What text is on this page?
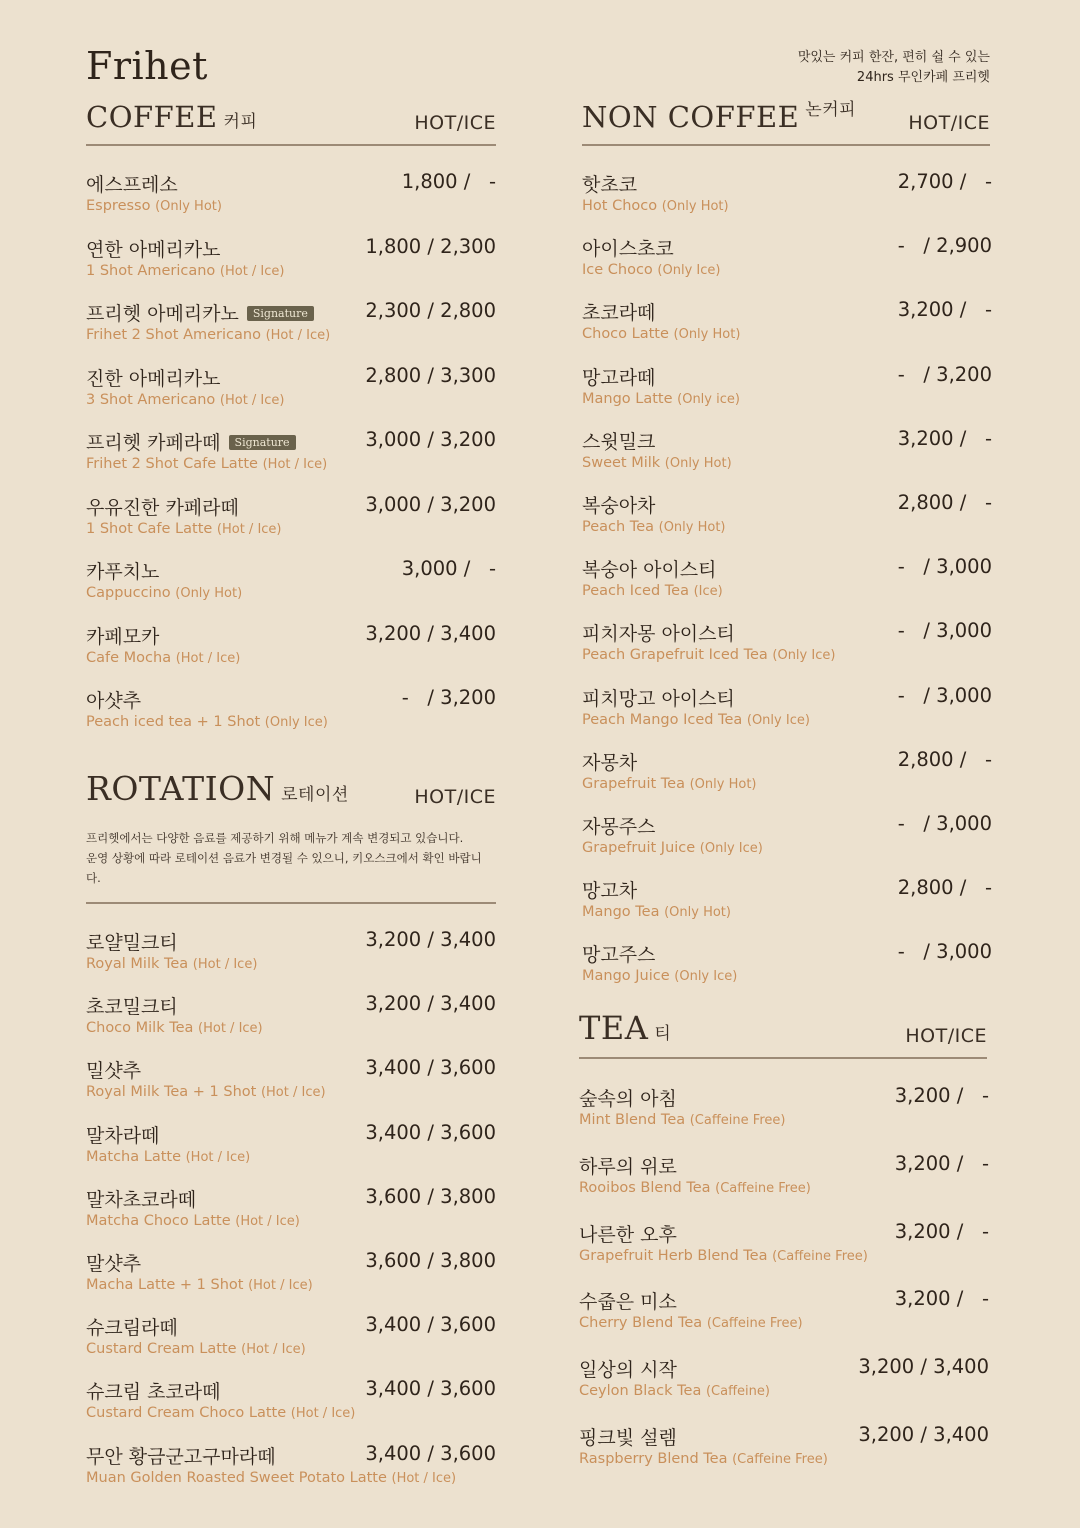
Frihet	맛있는 커피 한잔, 편히 쉴 수 있는
24hrs 무인카페 프리헷
COFFEE 커피	HOT/ICE
에스프레소
Espresso (Only Hot)
1,800 /   -
연한 아메리카노
1 Shot Americano (Hot / Ice)
1,800 / 2,300
프리헷 아메리카노 Signature
Frihet 2 Shot Americano (Hot / Ice)
2,300 / 2,800
진한 아메리카노
3 Shot Americano (Hot / Ice)
2,800 / 3,300
프리헷 카페라떼 Signature
Frihet 2 Shot Cafe Latte (Hot / Ice)
3,000 / 3,200
우유진한 카페라떼
1 Shot Cafe Latte (Hot / Ice)
3,000 / 3,200
카푸치노
Cappuccino (Only Hot)
3,000 /   -
카페모카
Cafe Mocha (Hot / Ice)
3,200 / 3,400
아샷추
Peach iced tea + 1 Shot (Only Ice)
-   / 3,200
ROTATION 로테이션	HOT/ICE
프리헷에서는 다양한 음료를 제공하기 위해 메뉴가 계속 변경되고 있습니다.
운영 상황에 따라 로테이션 음료가 변경될 수 있으니, 키오스크에서 확인 바랍니다.
로얄밀크티
Royal Milk Tea (Hot / Ice)
3,200 / 3,400
초코밀크티
Choco Milk Tea (Hot / Ice)
3,200 / 3,400
밀샷추
Royal Milk Tea + 1 Shot (Hot / Ice)
3,400 / 3,600
말차라떼
Matcha Latte (Hot / Ice)
3,400 / 3,600
말차초코라떼
Matcha Choco Latte (Hot / Ice)
3,600 / 3,800
말샷추
Macha Latte + 1 Shot (Hot / Ice)
3,600 / 3,800
슈크림라떼
Custard Cream Latte (Hot / Ice)
3,400 / 3,600
슈크림 초코라떼
Custard Cream Choco Latte (Hot / Ice)
3,400 / 3,600
무안 황금군고구마라떼
Muan Golden Roasted Sweet Potato Latte (Hot / Ice)
3,400 / 3,600
NON COFFEE $^{논커피}$
HOT/ICE
핫초코
Hot Choco (Only Hot)
2,700 /   -
아이스초코
Ice Choco (Only Ice)
-   / 2,900
초코라떼
Choco Latte (Only Hot)
3,200 /   -
망고라떼
Mango Latte (Only ice)
-   / 3,200
스윗밀크
Sweet Milk (Only Hot)
3,200 /   -
복숭아차
Peach Tea (Only Hot)
2,800 /   -
복숭아 아이스티
Peach Iced Tea (Ice)
-   / 3,000
피치자몽 아이스티
Peach Grapefruit Iced Tea (Only Ice)
-   / 3,000
피치망고 아이스티
Peach Mango Iced Tea (Only Ice)
-   / 3,000
자몽차
Grapefruit Tea (Only Hot)
2,800 /   -
자몽주스
Grapefruit Juice (Only Ice)
-   / 3,000
망고차
Mango Tea (Only Hot)
2,800 /   -
망고주스
Mango Juice (Only Ice)
-   / 3,000
TEA 티	HOT/ICE
숲속의 아침
Mint Blend Tea (Caffeine Free)
3,200 /   -
하루의 위로
Rooibos Blend Tea (Caffeine Free)
3,200 /   -
나른한 오후
Grapefruit Herb Blend Tea (Caffeine Free)
3,200 /   -
수줍은 미소
Cherry Blend Tea (Caffeine Free)
3,200 /   -
일상의 시작
Ceylon Black Tea (Caffeine)
3,200 / 3,400
핑크빛 설렘
Raspberry Blend Tea (Caffeine Free)
3,200 / 3,400
